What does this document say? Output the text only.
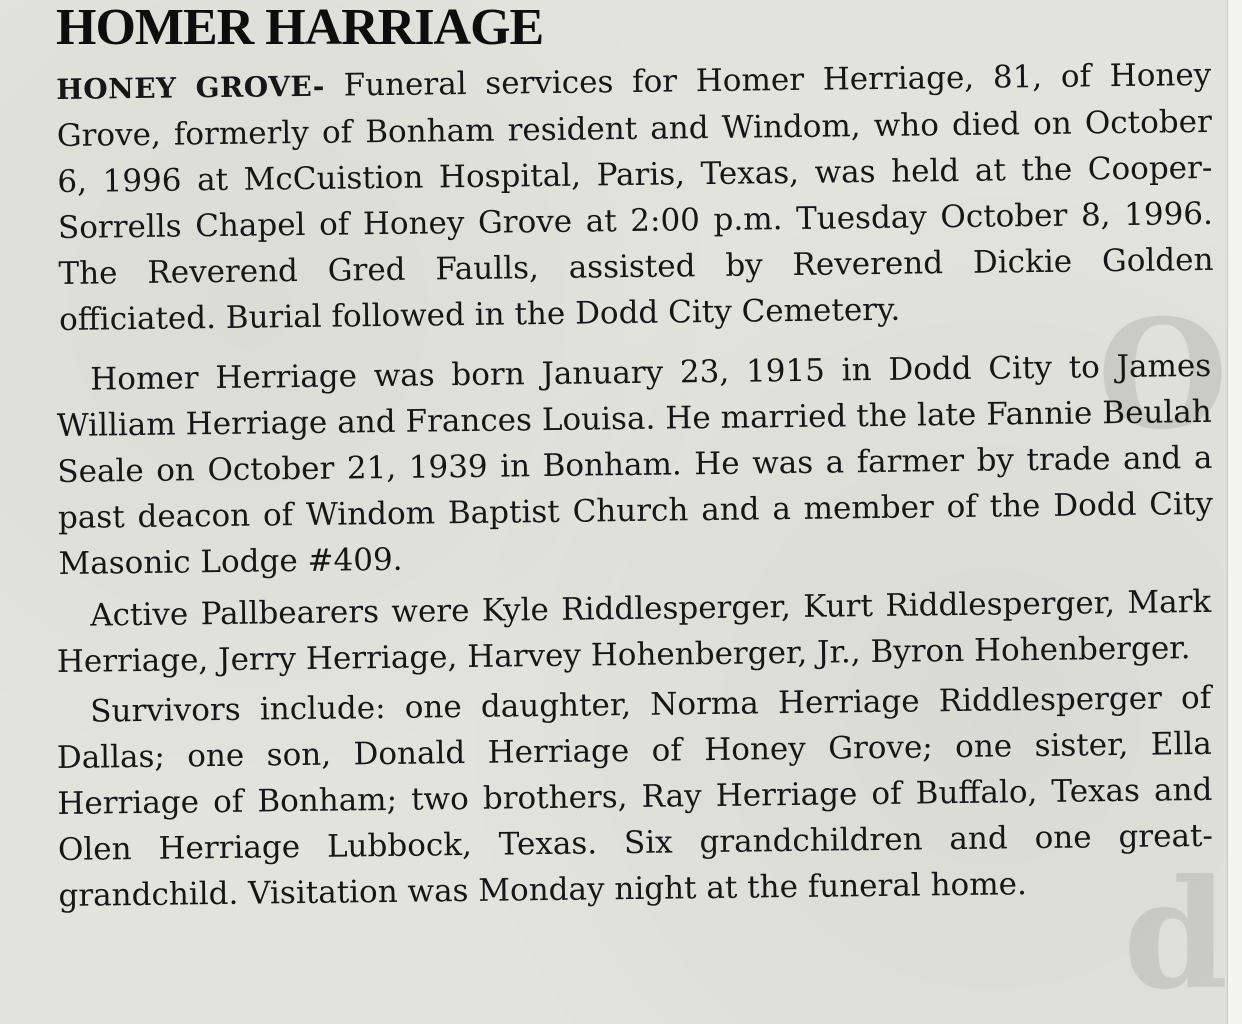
O
d
HOMER HARRIAGE

HONEY GROVE- Funeral services for Homer Herriage, 81, of Honey Grove, formerly of Bonham resident and Windom, who died on October 6, 1996 at McCuistion Hospital, Paris, Texas, was held at the Cooper-Sorrells Chapel of Honey Grove at 2:00 p.m. Tuesday October 8, 1996. The Reverend Gred Faulls, assisted by Reverend Dickie Golden officiated. Burial followed in the Dodd City Cemetery.

Homer Herriage was born January 23, 1915 in Dodd City to James William Herriage and Frances Louisa. He married the late Fannie Beulah Seale on October 21, 1939 in Bonham. He was a farmer by trade and a past deacon of Windom Baptist Church and a member of the Dodd City Masonic Lodge #409.

Active Pallbearers were Kyle Riddlesperger, Kurt Riddlesperger, Mark Herriage, Jerry Herriage, Harvey Hohenberger, Jr., Byron Hohenberger.

Survivors include: one daughter, Norma Herriage Riddlesperger of Dallas; one son, Donald Herriage of Honey Grove; one sister, Ella Herriage of Bonham; two brothers, Ray Herriage of Buffalo, Texas and Olen Herriage Lubbock, Texas. Six grandchildren and one great-grandchild. Visitation was Monday night at the funeral home.
